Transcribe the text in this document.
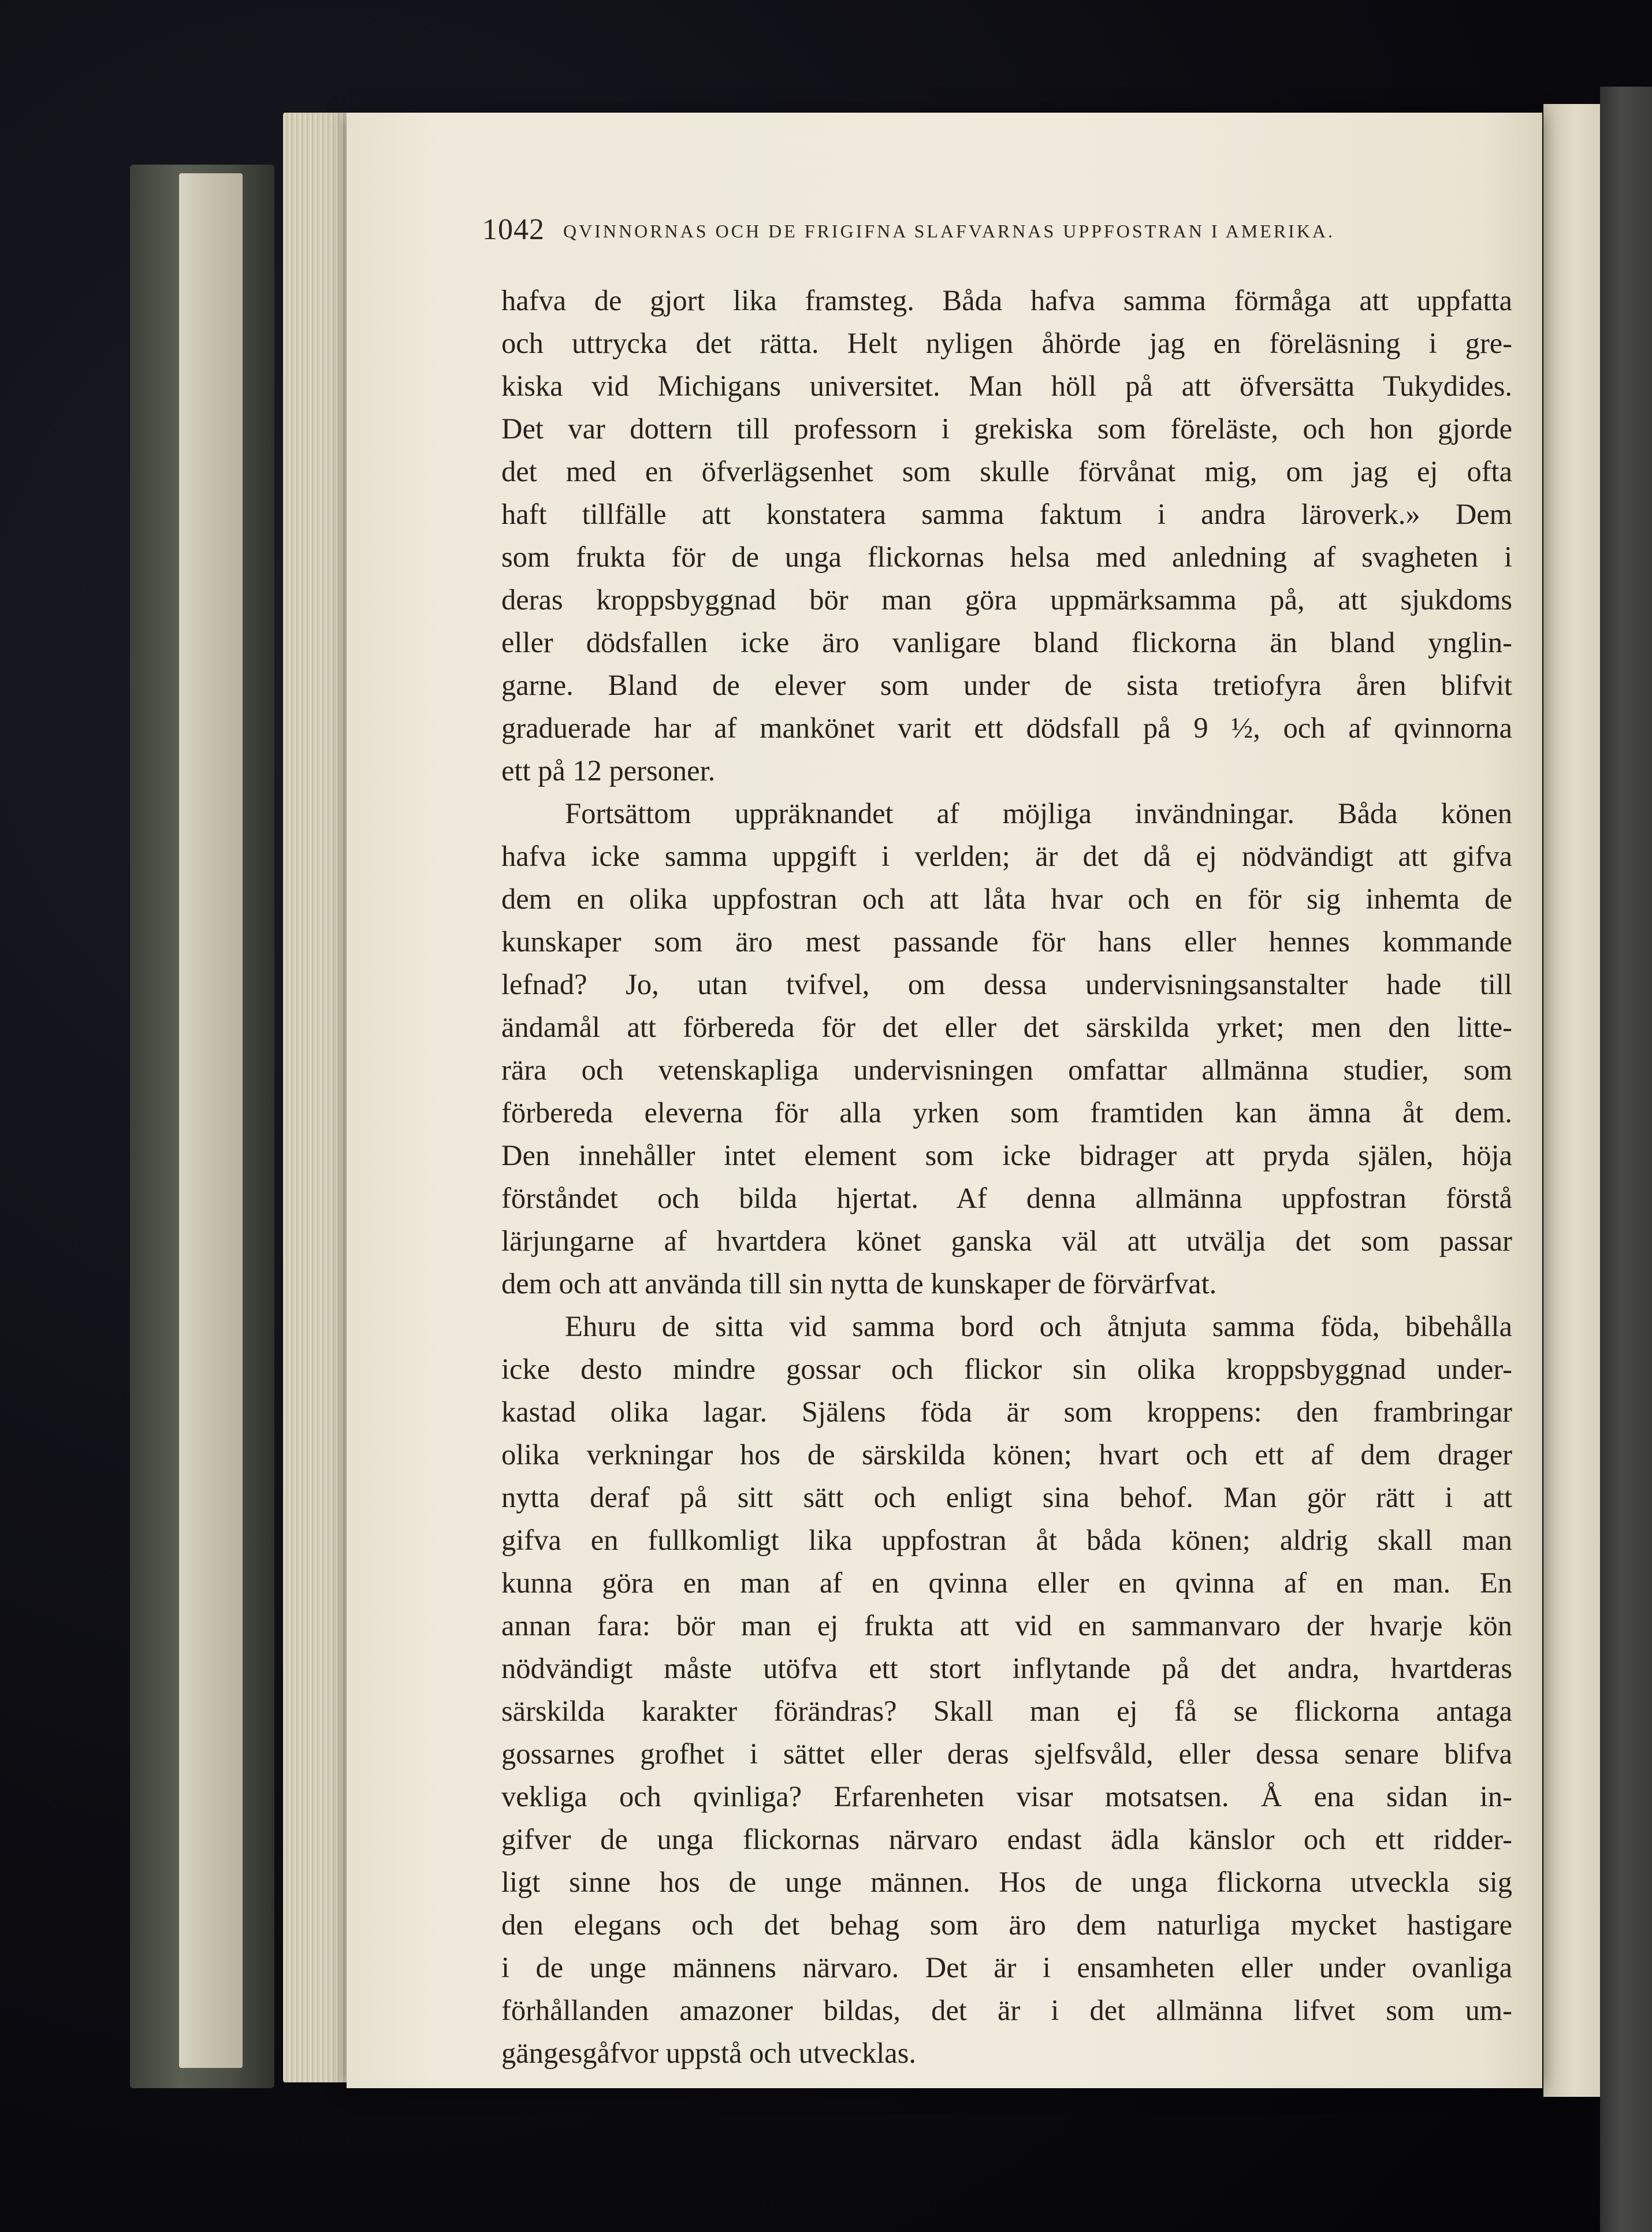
1042 QVINNORNAS OCH DE FRIGIFNA SLAFVARNAS UPPFOSTRAN I AMERIKA.
hafva de gjort lika framsteg. Båda hafva samma förmåga att uppfatta
och uttrycka det rätta. Helt nyligen åhörde jag en föreläsning i gre-
kiska vid Michigans universitet. Man höll på att öfversätta Tukydides.
Det var dottern till professorn i grekiska som föreläste, och hon gjorde
det med en öfverlägsenhet som skulle förvånat mig, om jag ej ofta
haft tillfälle att konstatera samma faktum i andra läroverk.» Dem
som frukta för de unga flickornas helsa med anledning af svagheten i
deras kroppsbyggnad bör man göra uppmärksamma på, att sjukdoms
eller dödsfallen icke äro vanligare bland flickorna än bland ynglin-
garne. Bland de elever som under de sista tretiofyra åren blifvit
graduerade har af mankönet varit ett dödsfall på 9 ½, och af qvinnorna
ett på 12 personer.
Fortsättom uppräknandet af möjliga invändningar. Båda könen
hafva icke samma uppgift i verlden; är det då ej nödvändigt att gifva
dem en olika uppfostran och att låta hvar och en för sig inhemta de
kunskaper som äro mest passande för hans eller hennes kommande
lefnad? Jo, utan tvifvel, om dessa undervisningsanstalter hade till
ändamål att förbereda för det eller det särskilda yrket; men den litte-
rära och vetenskapliga undervisningen omfattar allmänna studier, som
förbereda eleverna för alla yrken som framtiden kan ämna åt dem.
Den innehåller intet element som icke bidrager att pryda själen, höja
förståndet och bilda hjertat. Af denna allmänna uppfostran förstå
lärjungarne af hvartdera könet ganska väl att utvälja det som passar
dem och att använda till sin nytta de kunskaper de förvärfvat.
Ehuru de sitta vid samma bord och åtnjuta samma föda, bibehålla
icke desto mindre gossar och flickor sin olika kroppsbyggnad under-
kastad olika lagar. Själens föda är som kroppens: den frambringar
olika verkningar hos de särskilda könen; hvart och ett af dem drager
nytta deraf på sitt sätt och enligt sina behof. Man gör rätt i att
gifva en fullkomligt lika uppfostran åt båda könen; aldrig skall man
kunna göra en man af en qvinna eller en qvinna af en man. En
annan fara: bör man ej frukta att vid en sammanvaro der hvarje kön
nödvändigt måste utöfva ett stort inflytande på det andra, hvartderas
särskilda karakter förändras? Skall man ej få se flickorna antaga
gossarnes grofhet i sättet eller deras sjelfsvåld, eller dessa senare blifva
vekliga och qvinliga? Erfarenheten visar motsatsen. Å ena sidan in-
gifver de unga flickornas närvaro endast ädla känslor och ett ridder-
ligt sinne hos de unge männen. Hos de unga flickorna utveckla sig
den elegans och det behag som äro dem naturliga mycket hastigare
i de unge männens närvaro. Det är i ensamheten eller under ovanliga
förhållanden amazoner bildas, det är i det allmänna lifvet som um-
gängesgåfvor uppstå och utvecklas.
